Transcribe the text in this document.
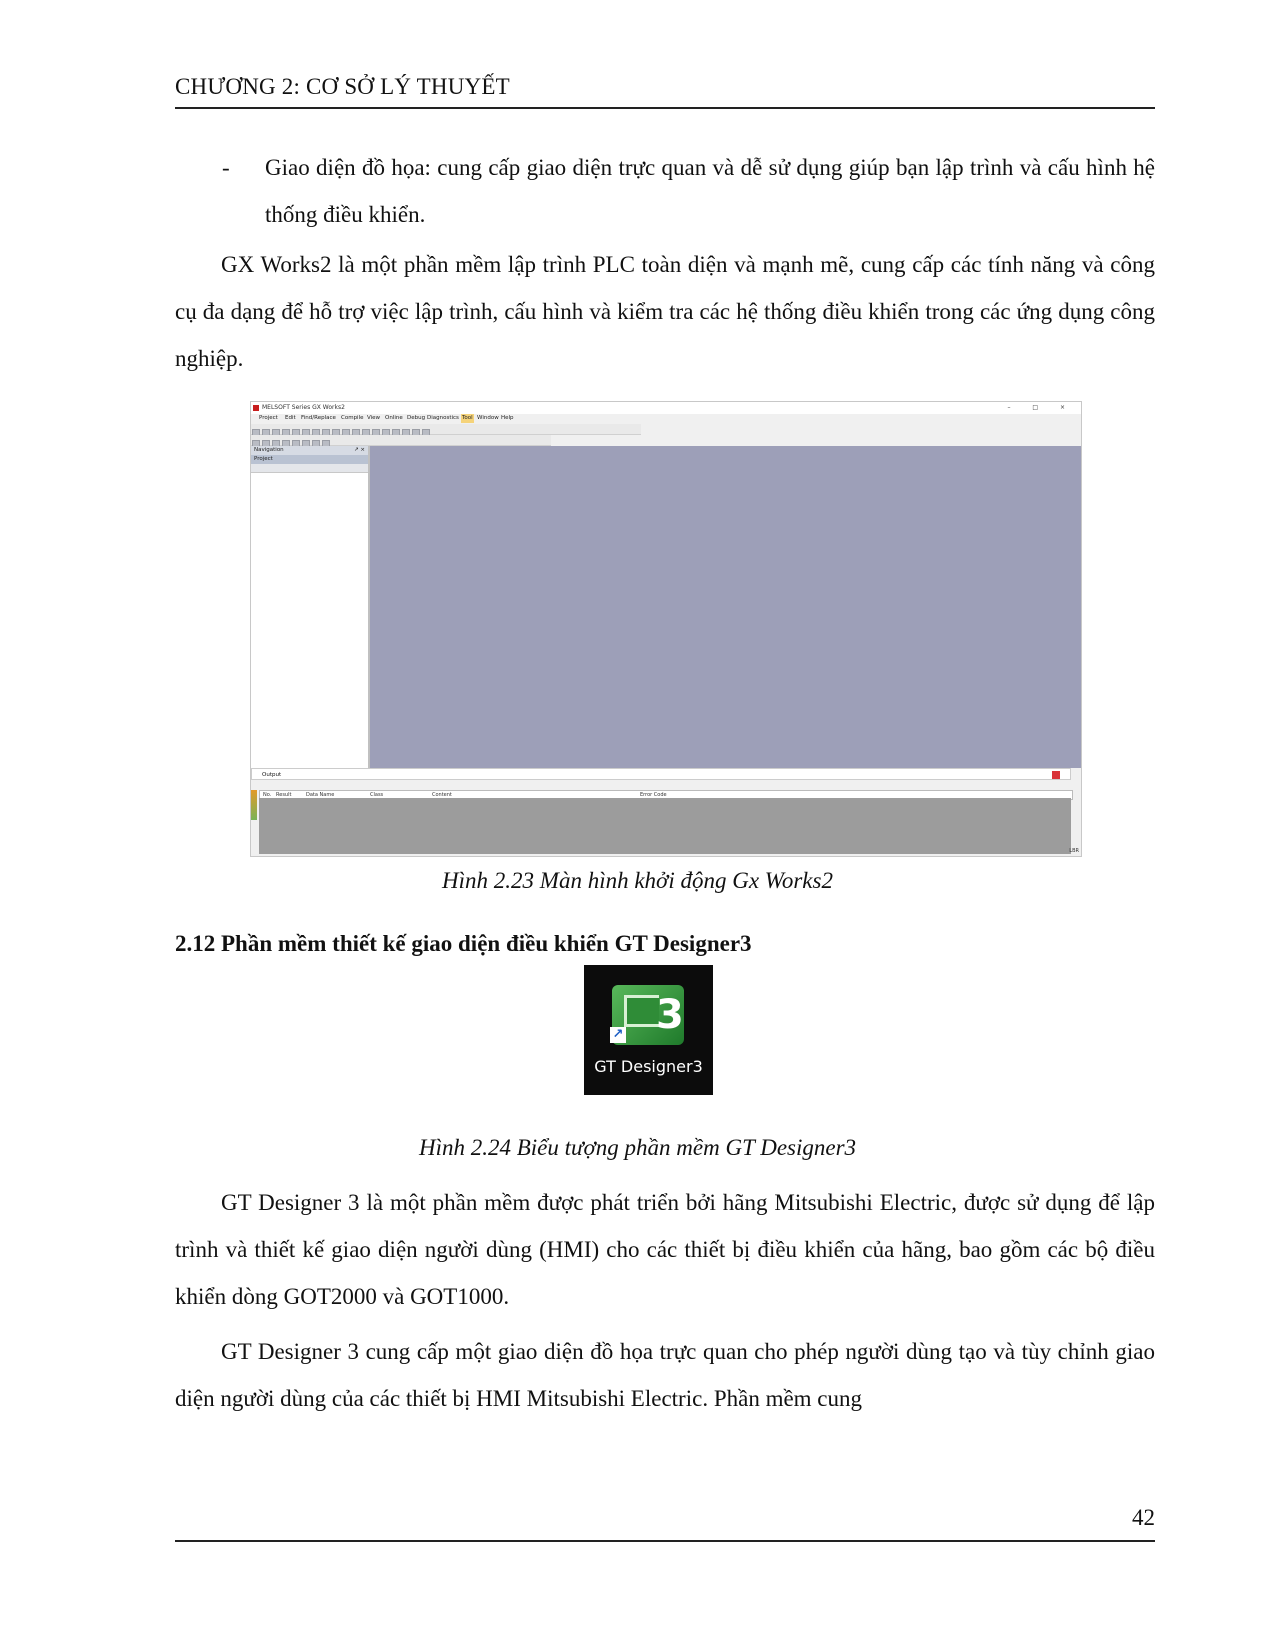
CHƯƠNG 2: CƠ SỞ LÝ THUYẾT
- Giao diện đồ họa: cung cấp giao diện trực quan và dễ sử dụng giúp bạn lập trình và cấu hình hệ thống điều khiển.
GX Works2 là một phần mềm lập trình PLC toàn diện và mạnh mẽ, cung cấp các tính năng và công cụ đa dạng để hỗ trợ việc lập trình, cấu hình và kiểm tra các hệ thống điều khiển trong các ứng dụng công nghiệp.
MELSOFT Series GX Works2	– □ ×
Project Edit Find/Replace Compile View Online Debug Diagnostics Tool Window Help
Navigation	↗ ×
Project
Output
No. Result	Data Name	Class	Content	Error Code
LBR
Hình 2.23 Màn hình khởi động Gx Works2
2.12 Phần mềm thiết kế giao diện điều khiển GT Designer3
3
↗
GT Designer3
Hình 2.24 Biểu tượng phần mềm GT Designer3
GT Designer 3 là một phần mềm được phát triển bởi hãng Mitsubishi Electric, được sử dụng để lập trình và thiết kế giao diện người dùng (HMI) cho các thiết bị điều khiển của hãng, bao gồm các bộ điều khiển dòng GOT2000 và GOT1000.
GT Designer 3 cung cấp một giao diện đồ họa trực quan cho phép người dùng tạo và tùy chỉnh giao diện người dùng của các thiết bị HMI Mitsubishi Electric. Phần mềm cung
42
